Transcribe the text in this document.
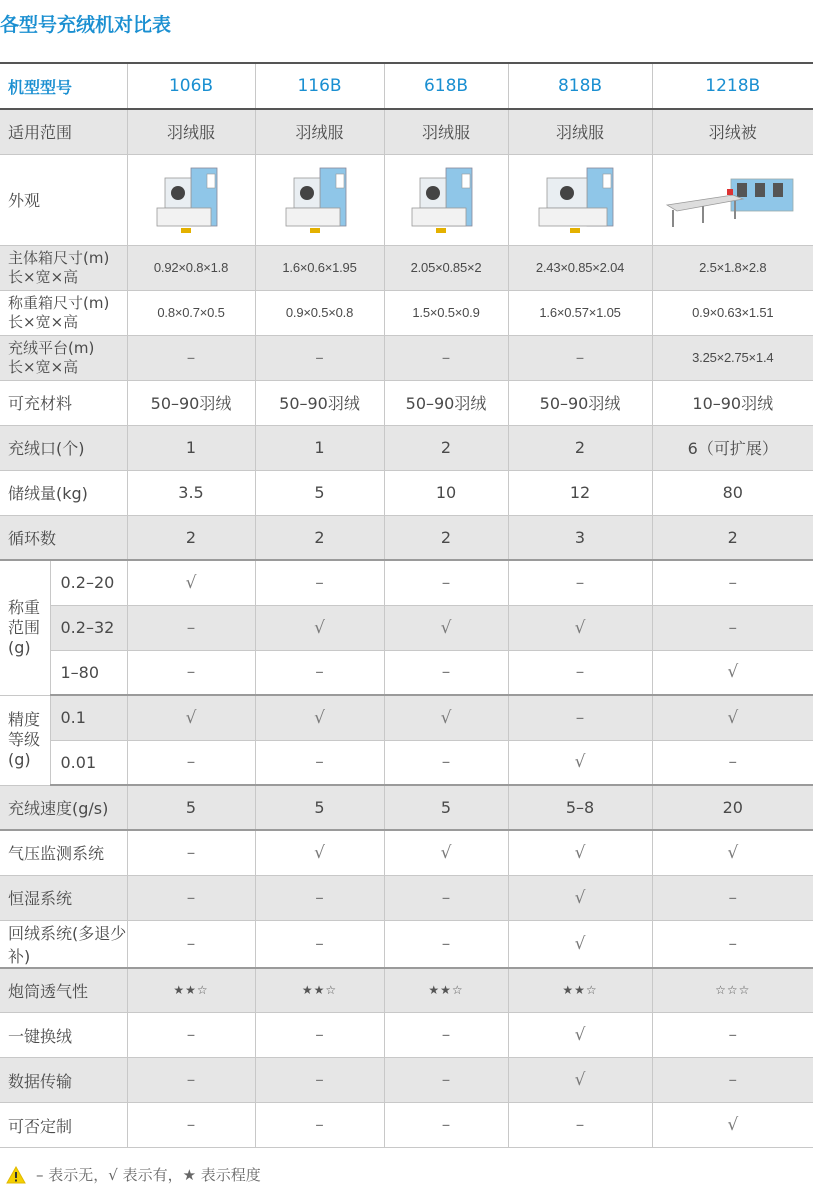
各型号充绒机对比表
机型型号		106B	116B	618B	818B	1218B
适用范围		羽绒服	羽绒服	羽绒服	羽绒服	羽绒被
外观	

主体箱尺寸(m)
长×宽×高		0.92×0.8×1.8	1.6×0.6×1.95	2.05×0.85×2	2.43×0.85×2.04	2.5×1.8×2.8

称重箱尺寸(m)
长×宽×高		0.8×0.7×0.5	0.9×0.5×0.8	1.5×0.5×0.9	1.6×0.57×1.05	0.9×0.63×1.51

充绒平台(m)
长×宽×高		–	–	–	–	3.25×2.75×1.4
可充材料		50–90羽绒	50–90羽绒	50–90羽绒	50–90羽绒	10–90羽绒
充绒口(个)		1	1	2	2	6（可扩展）
储绒量(kg)		3.5	5	10	12	80
循环数		2	2	2	3	2

称重
范围
(g)	0.2–20	√	–	–	–	–
	0.2–32	–	√	√	√	–
	1–80	–	–	–	–	√

精度
等级
(g)	0.1	√	√	√	–	√
	0.01	–	–	–	√	–
充绒速度(g/s)		5	5	5	5–8	20
气压监测系统		–	√	√	√	√
恒湿系统		–	–	–	√	–
回绒系统(多退少补)		–	–	–	√	–
炮筒透气性		★★☆	★★☆	★★☆	★★☆	☆☆☆
一键换绒		–	–	–	√	–
数据传输		–	–	–	√	–
可否定制		–	–	–	–	√
– 表示无，√ 表示有，★ 表示程度
